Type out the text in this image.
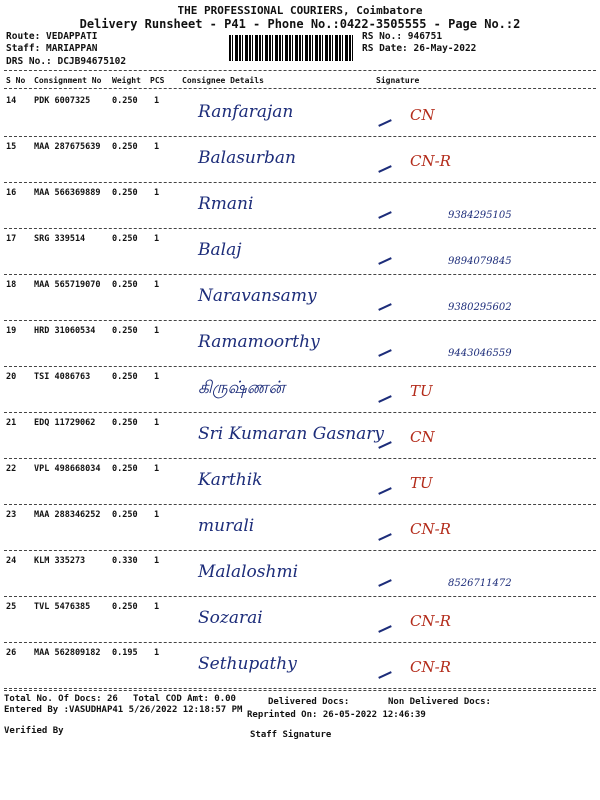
THE PROFESSIONAL COURIERS, Coimbatore
Delivery Runsheet - P41 - Phone No.:0422-3505555 - Page No.:2
Route: VEDAPPATI
Staff: MARIAPPAN
DRS No.: DCJB94675102
RS No.: 946751
RS Date: 26-May-2022
S No Consignment No Weight PCS Consignee Details	Signature
14 PDK 6007325	0.250 1
Ranfarajan	CN
15 MAA 287675639 0.250 1
Balasurban	CN-R
16 MAA 566369889 0.250 1
Rmani
9384295105
17 SRG 339514	0.250 1
Balaj
9894079845
18 MAA 565719070 0.250 1
Naravansamy
9380295602
19 HRD 31060534 0.250 1
Ramamoorthy
9443046559
20 TSI 4086763	0.250 1
கிருஷ்ணன்	TU
21 EDQ 11729062 0.250 1
Sri Kumaran Gasnary CN
22 VPL 498668034 0.250 1
Karthik	TU
23 MAA 288346252 0.250 1
murali	CN-R
24 KLM 335273	0.330 1
Malaloshmi
8526711472
25 TVL 5476385	0.250 1
Sozarai	CN-R
26 MAA 562809182 0.195 1
Sethupathy	CN-R
Total No. Of Docs: 26 Total COD Amt: 0.00	Delivered Docs:	Non Delivered Docs:
Entered By :VASUDHAP41 5/26/2022 12:18:57 PM Reprinted On: 26-05-2022 12:46:39
Verified By	Staff Signature
